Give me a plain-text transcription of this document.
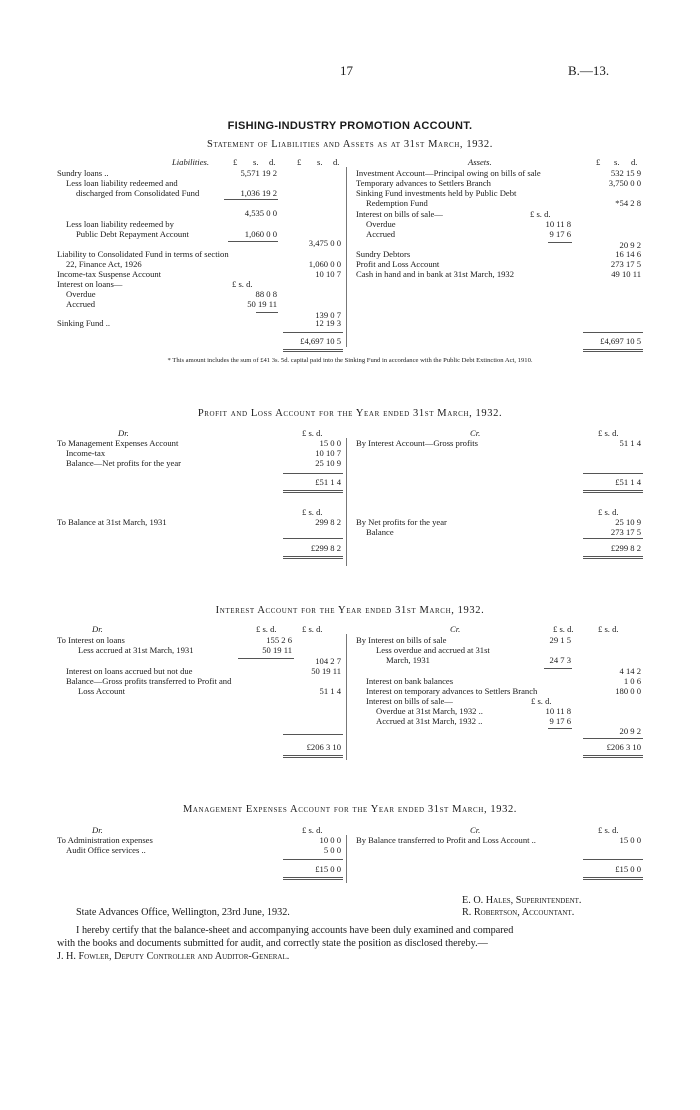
17	B.—13.
FISHING-INDUSTRY PROMOTION ACCOUNT.
Statement of Liabilities and Assets as at 31st March, 1932.
Liabilities.	£ s. d.	£ s. d.	Assets.	£ s. d.
Sundry loans ..	5,571 19 2
Less loan liability redeemed and
discharged from Consolidated Fund	1,036 19 2
4,535 0 0
Less loan liability redeemed by
Public Debt Repayment Account	1,060 0 0
3,475 0 0
Liability to Consolidated Fund in terms of section
22, Finance Act, 1926	1,060 0 0
Income-tax Suspense Account	10 10 7
Interest on loans—	£ s. d.
Overdue	88 0 8
Accrued	50 19 11
139 0 7
Sinking Fund ..	12 19 3
£4,697 10 5
Investment Account—Principal owing on bills of sale	532 15 9
Temporary advances to Settlers Branch	3,750 0 0
Sinking Fund investments held by Public Debt
Redemption Fund	*54 2 8
Interest on bills of sale—	£ s. d.
Overdue	10 11 8
Accrued	9 17 6
20 9 2
Sundry Debtors	16 14 6
Profit and Loss Account	273 17 5
Cash in hand and in bank at 31st March, 1932	49 10 11
£4,697 10 5
* This amount includes the sum of £41 3s. 5d. capital paid into the Sinking Fund in accordance with the Public Debt Extinction Act, 1910.
Profit and Loss Account for the Year ended 31st March, 1932.
Dr.	£ s. d.	Cr.	£ s. d.
To Management Expenses Account	15 0 0
Income-tax	10 10 7
Balance—Net profits for the year	25 10 9
£51 1 4
By Interest Account—Gross profits	51 1 4
£51 1 4
£ s. d.	£ s. d.
To Balance at 31st March, 1931	299 8 2
£299 8 2
By Net profits for the year	25 10 9
Balance	273 17 5
£299 8 2
Interest Account for the Year ended 31st March, 1932.
Dr.	£ s. d.	£ s. d.	Cr.	£ s. d.	£ s. d.
To Interest on loans	155 2 6
Less accrued at 31st March, 1931	50 19 11
104 2 7
Interest on loans accrued but not due	50 19 11
Balance—Gross profits transferred to Profit and
Loss Account	51 1 4
£206 3 10
By Interest on bills of sale	29 1 5
Less overdue and accrued at 31st
March, 1931	24 7 3
4 14 2
Interest on bank balances	1 0 6
Interest on temporary advances to Settlers Branch	180 0 0
Interest on bills of sale—	£ s. d.
Overdue at 31st March, 1932 ..	10 11 8
Accrued at 31st March, 1932 ..	9 17 6
20 9 2
£206 3 10
Management Expenses Account for the Year ended 31st March, 1932.
Dr.	£ s. d.	Cr.	£ s. d.
To Administration expenses	10 0 0
Audit Office services ..	5 0 0
£15 0 0
By Balance transferred to Profit and Loss Account ..	15 0 0
£15 0 0
E. O. Hales, Superintendent.
State Advances Office, Wellington, 23rd June, 1932.	R. Robertson, Accountant.
I hereby certify that the balance-sheet and accompanying accounts have been duly examined and compared
with the books and documents submitted for audit, and correctly state the position as disclosed thereby.—
J. H. Fowler, Deputy Controller and Auditor-General.
